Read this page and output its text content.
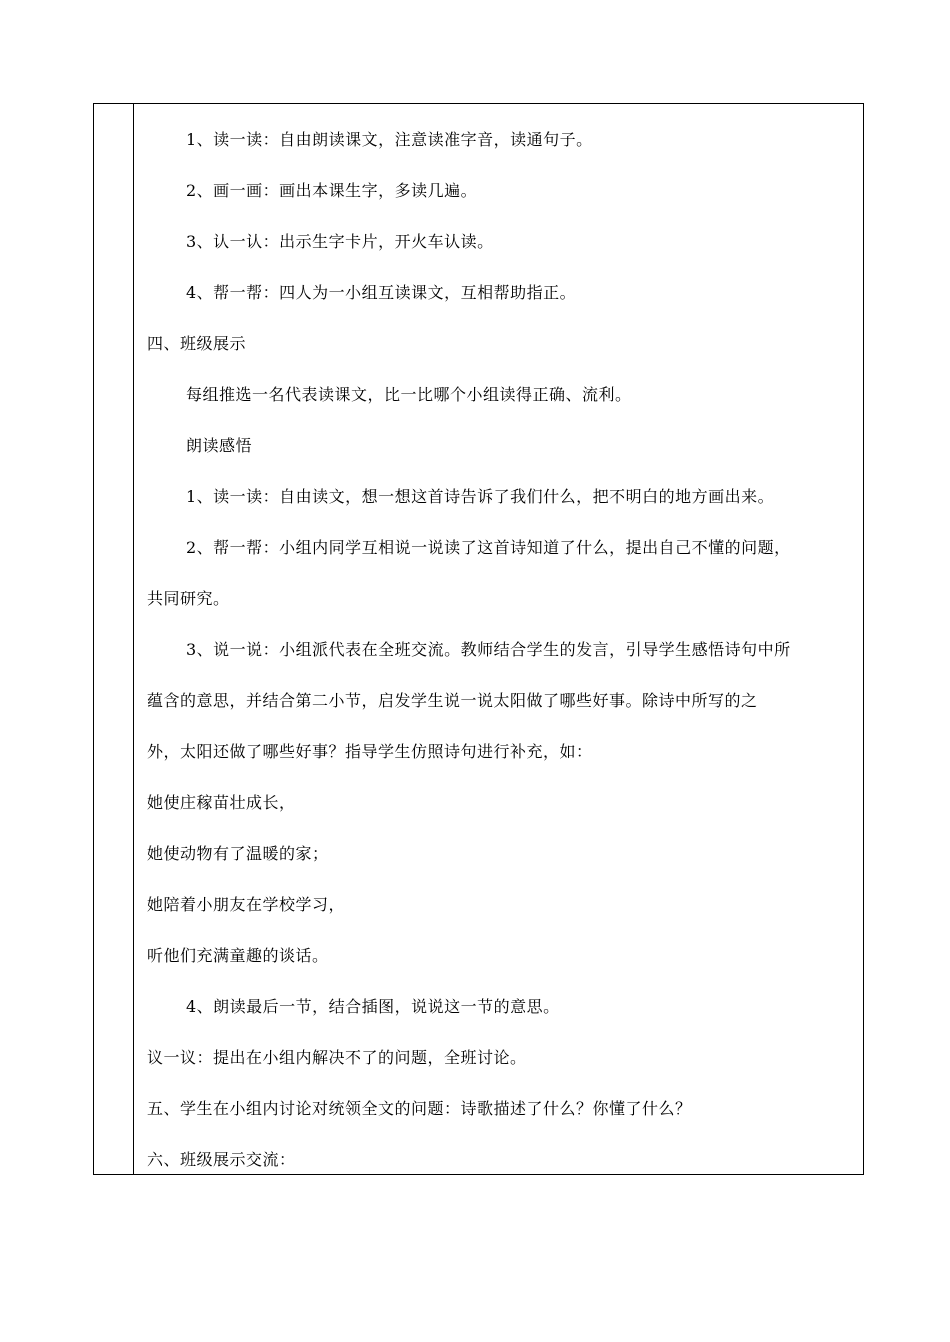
1、读一读：自由朗读课文，注意读准字音，读通句子。
2、画一画：画出本课生字，多读几遍。
3、认一认：出示生字卡片，开火车认读。
4、帮一帮：四人为一小组互读课文，互相帮助指正。
四、班级展示
每组推选一名代表读课文，比一比哪个小组读得正确、流利。
朗读感悟
1、读一读：自由读文，想一想这首诗告诉了我们什么，把不明白的地方画出来。
2、帮一帮：小组内同学互相说一说读了这首诗知道了什么，提出自己不懂的问题，
共同研究。
3、说一说：小组派代表在全班交流。教师结合学生的发言，引导学生感悟诗句中所
蕴含的意思，并结合第二小节，启发学生说一说太阳做了哪些好事。除诗中所写的之
外，太阳还做了哪些好事？指导学生仿照诗句进行补充，如：
她使庄稼苗壮成长，
她使动物有了温暖的家；
她陪着小朋友在学校学习，
听他们充满童趣的谈话。
4、朗读最后一节，结合插图，说说这一节的意思。
议一议：提出在小组内解决不了的问题，全班讨论。
五、学生在小组内讨论对统领全文的问题：诗歌描述了什么？你懂了什么？
六、班级展示交流：
